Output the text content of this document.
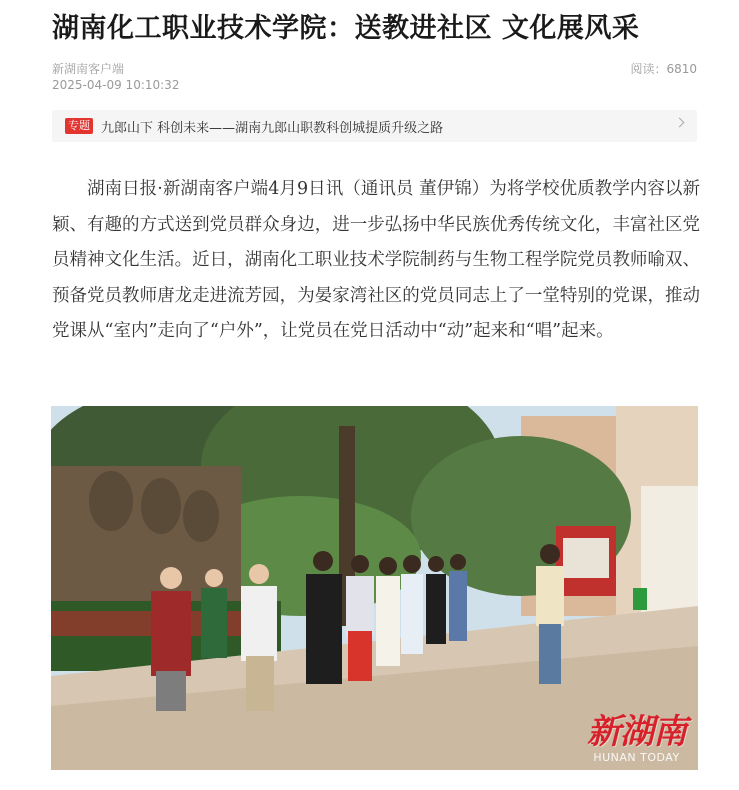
湖南化工职业技术学院：送教进社区 文化展风采
新湖南客户端
2025-04-09 10:10:32
阅读：6810
专题 九郎山下 科创未来——湖南九郎山职教科创城提质升级之路

湖南日报·新湖南客户端4月9日讯（通讯员 董伊锦）为将学校优质教学内容以新颖、有趣的方式送到党员群众身边，进一步弘扬中华民族优秀传统文化，丰富社区党员精神文化生活。近日，湖南化工职业技术学院制药与生物工程学院党员教师喻双、预备党员教师唐龙走进流芳园，为晏家湾社区的党员同志上了一堂特别的党课，推动党课从“室内”走向了“户外”，让党员在党日活动中“动”起来和“唱”起来。

新湖南
HUNAN TODAY
